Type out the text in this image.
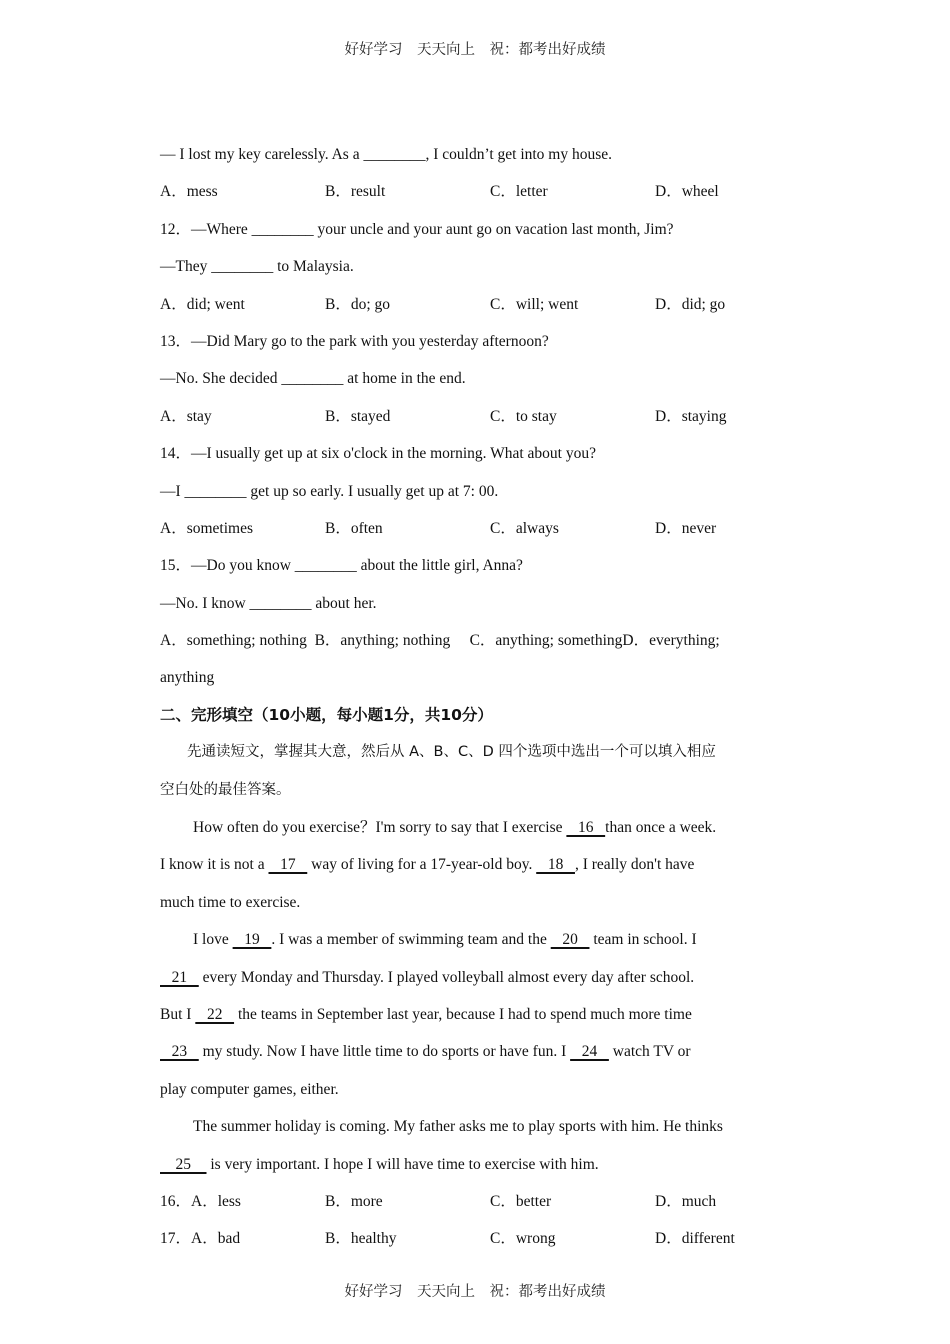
好好学习　天天向上　祝：都考出好成绩
— I lost my key carelessly. As a ________, I couldn’t get into my house.
A．mess	B．result	C．letter	D．wheel
12．—Where ________ your uncle and your aunt go on vacation last month, Jim?
—They ________ to Malaysia.
A．did; went	B．do; go	C．will; went	D．did; go
13．—Did Mary go to the park with you yesterday afternoon?
—No. She decided ________ at home in the end.
A．stay	B．stayed	C．to stay	D．staying
14．—I usually get up at six o'clock in the morning. What about you?
—I ________ get up so early. I usually get up at 7: 00.
A．sometimes	B．often	C．always	D．never
15．—Do you know ________ about the little girl, Anna?
—No. I know ________ about her.
A．something; nothing  B．anything; nothing     C．anything; somethingD．everything;
anything
二、完形填空（10小题，每小题1分，共10分）
先通读短文，掌握其大意，然后从 A、B、C、D 四个选项中选出一个可以填入相应
空白处的最佳答案。
How often do you exercise？I'm sorry to say that I exercise    16   than once a week.
I know it is not a    17    way of living for a 17-year-old boy.    18   , I really don't have
much time to exercise.
I love    19   . I was a member of swimming team and the    20    team in school. I
21    every Monday and Thursday. I played volleyball almost every day after school.
But I    22    the teams in September last year, because I had to spend much more time
23    my study. Now I have little time to do sports or have fun. I    24    watch TV or
play computer games, either.
The summer holiday is coming. My father asks me to play sports with him. He thinks
25     is very important. I hope I will have time to exercise with him.
16．A．less	B．more	C．better	D．much
17．A．bad	B．healthy	C．wrong	D．different
好好学习　天天向上　祝：都考出好成绩
